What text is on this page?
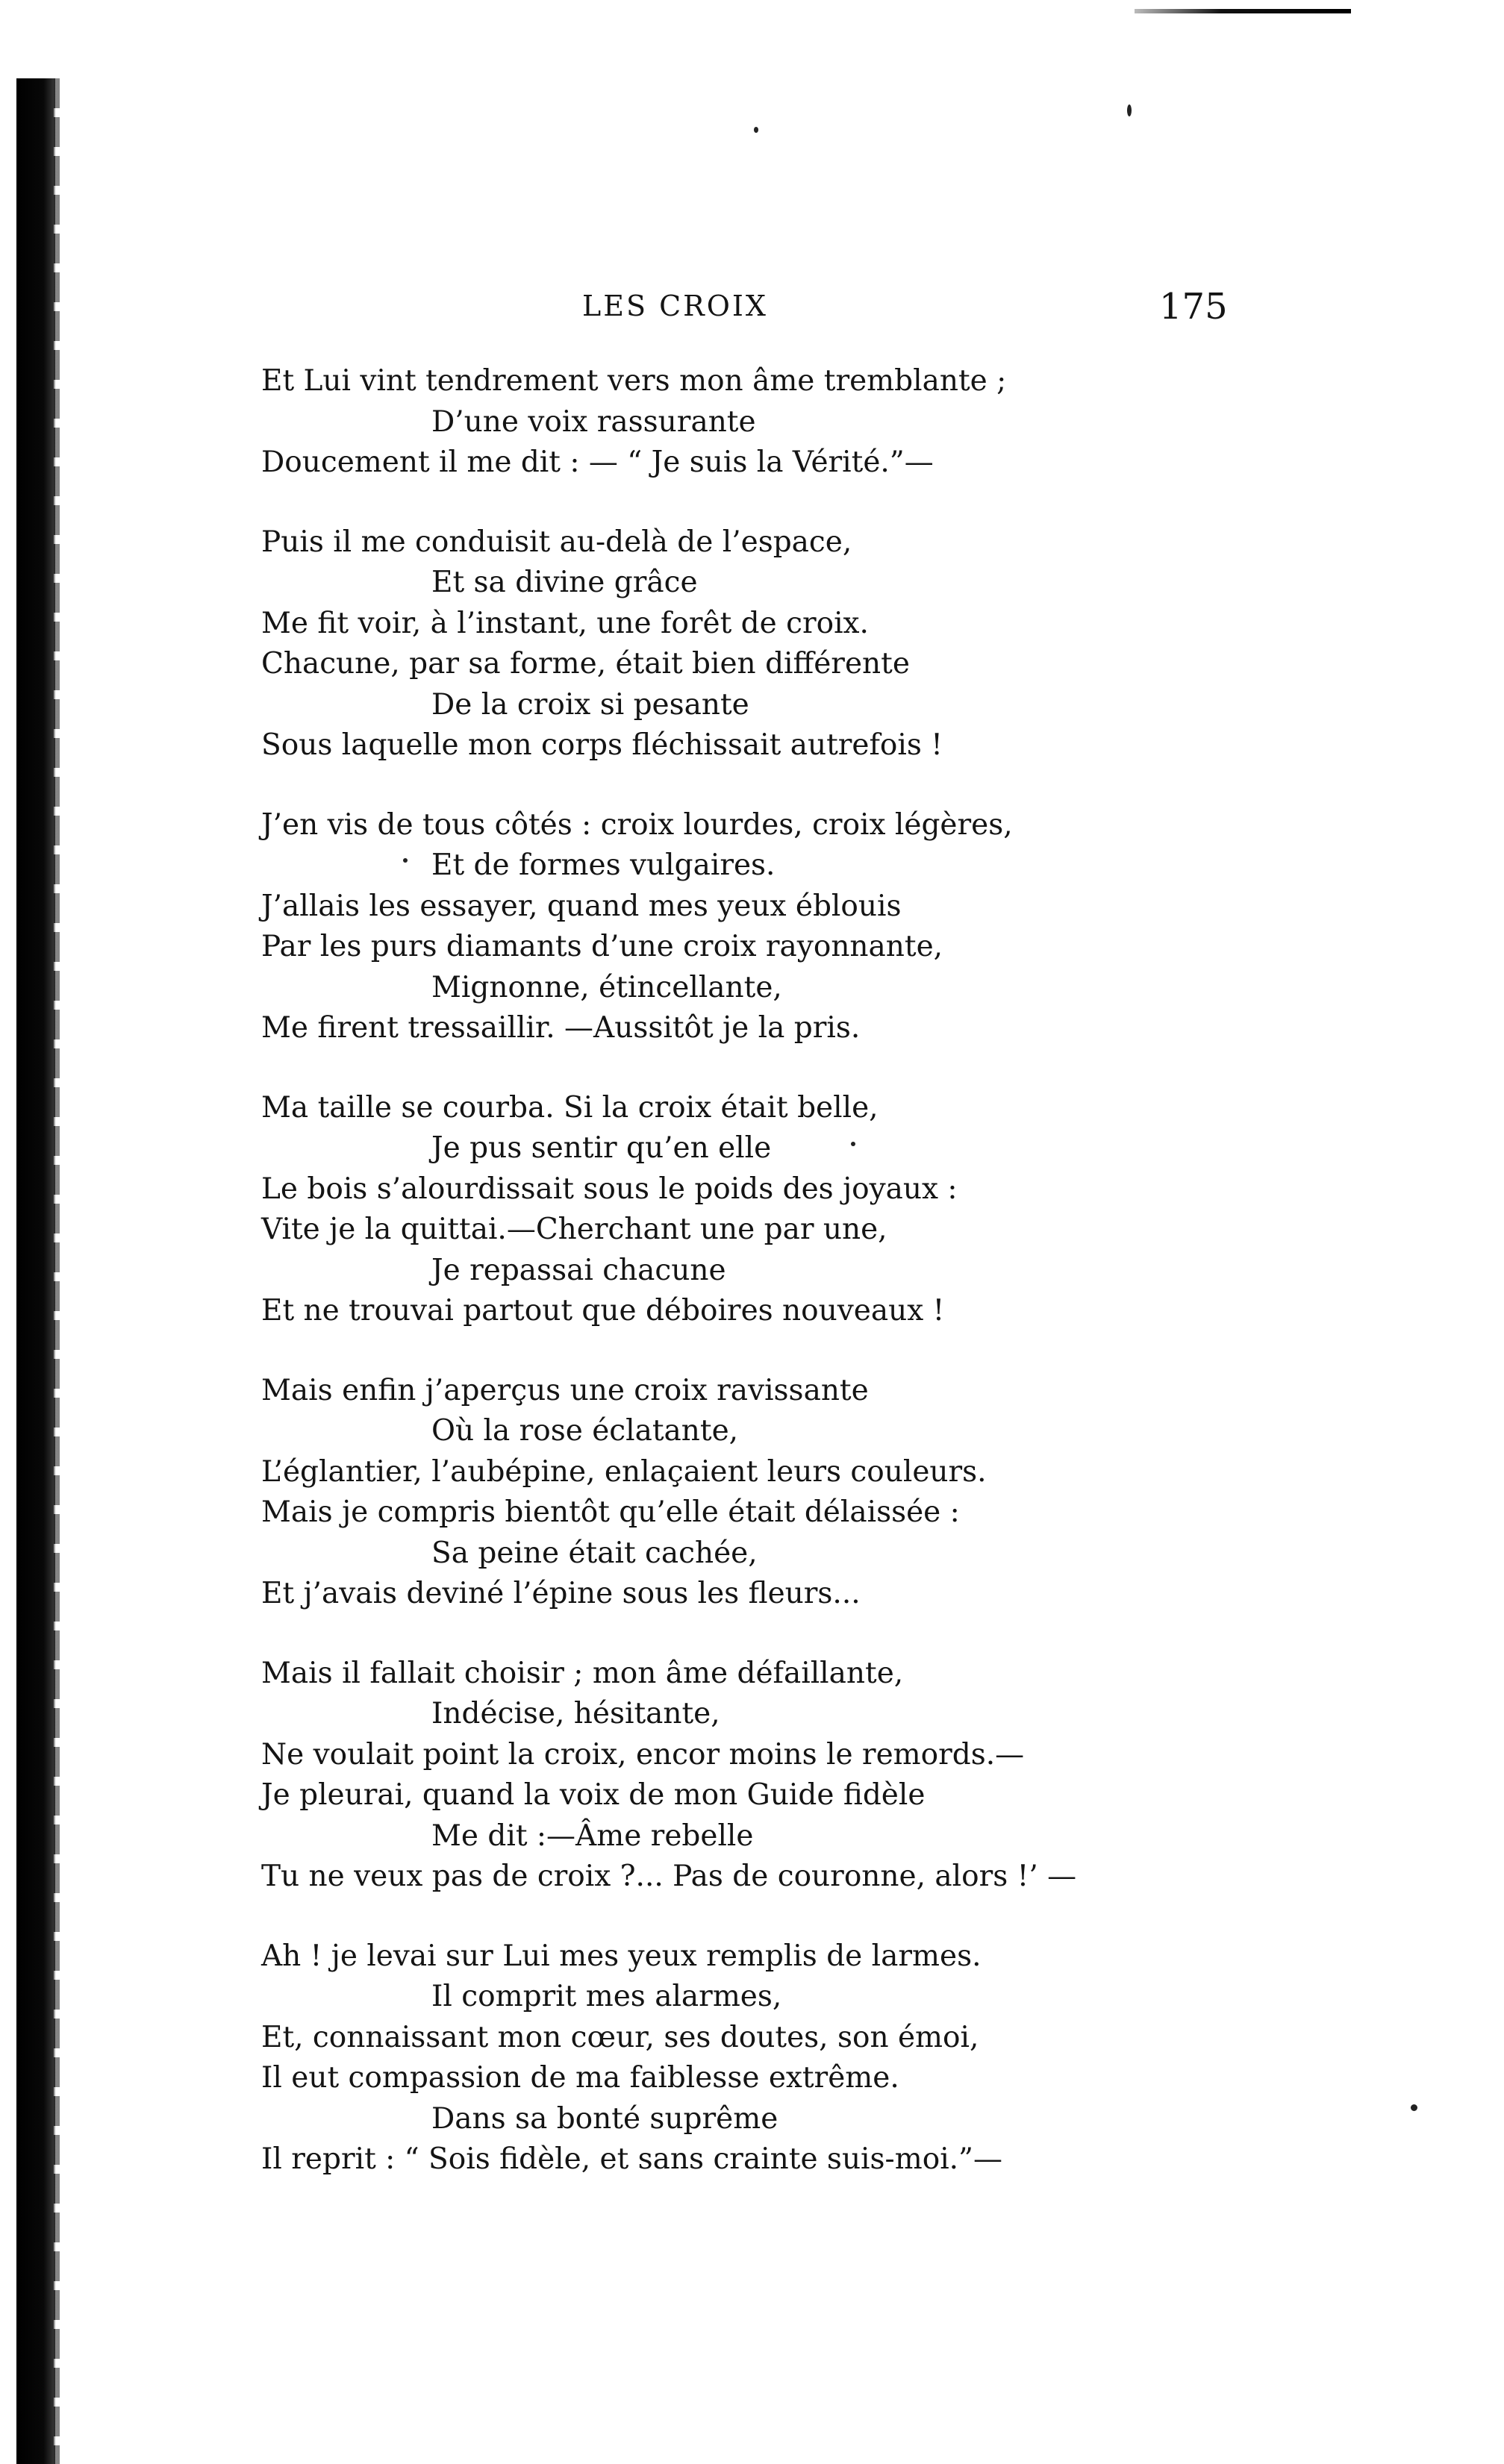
LES CROIX	175
Et Lui vint tendrement vers mon âme tremblante ;
D’une voix rassurante
Doucement il me dit : — “ Je suis la Vérité.”—
Puis il me conduisit au-delà de l’espace,
Et sa divine grâce
Me fit voir, à l’instant, une forêt de croix.
Chacune, par sa forme, était bien différente
De la croix si pesante
Sous laquelle mon corps fléchissait autrefois !
J’en vis de tous côtés : croix lourdes, croix légères,
Et de formes vulgaires.
J’allais les essayer, quand mes yeux éblouis
Par les purs diamants d’une croix rayonnante,
Mignonne, étincellante,
Me firent tressaillir. —Aussitôt je la pris.
Ma taille se courba. Si la croix était belle,
Je pus sentir qu’en elle
Le bois s’alourdissait sous le poids des joyaux :
Vite je la quittai.—Cherchant une par une,
Je repassai chacune
Et ne trouvai partout que déboires nouveaux !
Mais enfin j’aperçus une croix ravissante
Où la rose éclatante,
L’églantier, l’aubépine, enlaçaient leurs couleurs.
Mais je compris bientôt qu’elle était délaissée :
Sa peine était cachée,
Et j’avais deviné l’épine sous les fleurs...
Mais il fallait choisir ; mon âme défaillante,
Indécise, hésitante,
Ne voulait point la croix, encor moins le remords.—
Je pleurai, quand la voix de mon Guide fidèle
Me dit :—Âme rebelle
Tu ne veux pas de croix ?... Pas de couronne, alors !’ —
Ah ! je levai sur Lui mes yeux remplis de larmes.
Il comprit mes alarmes,
Et, connaissant mon cœur, ses doutes, son émoi,
Il eut compassion de ma faiblesse extrême.
Dans sa bonté suprême
Il reprit : “ Sois fidèle, et sans crainte suis-moi.”—
